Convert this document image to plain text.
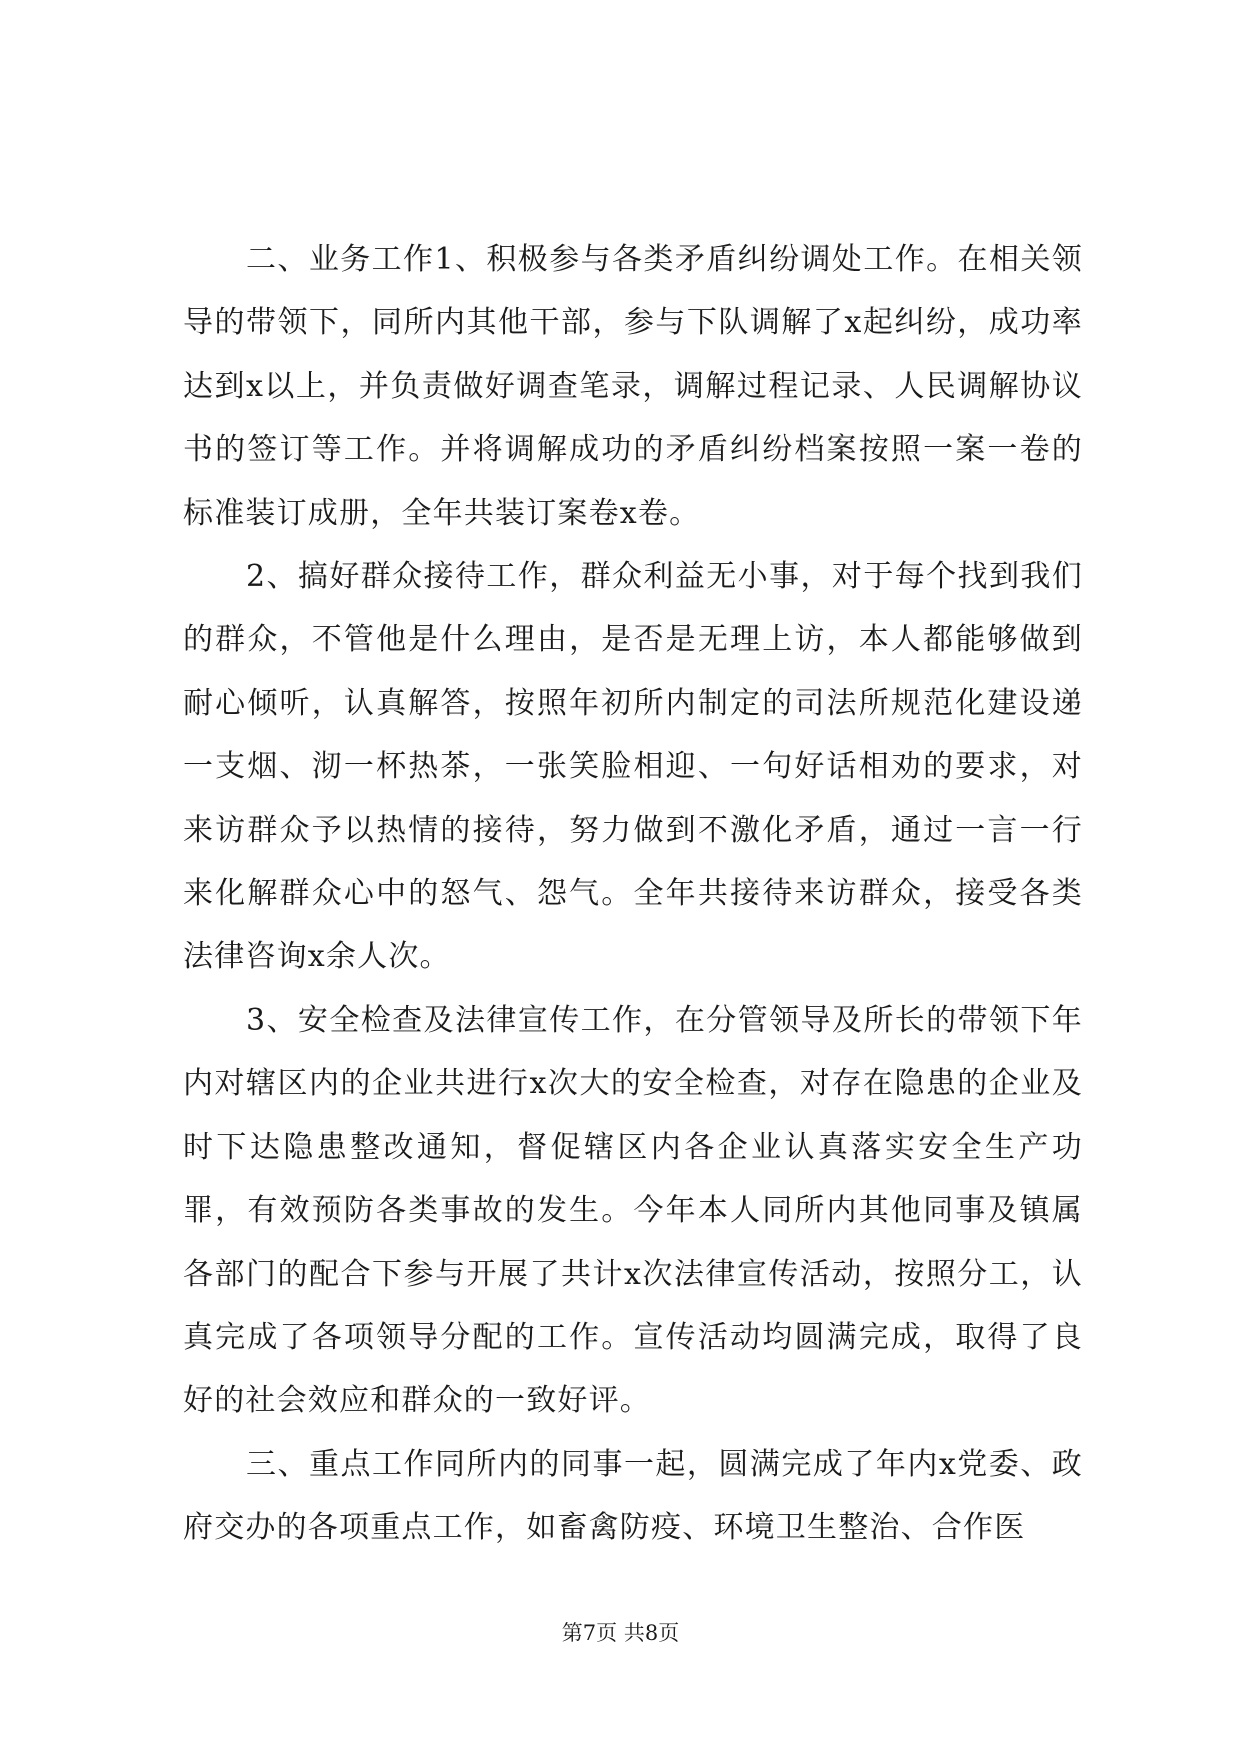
二、业务工作1、积极参与各类矛盾纠纷调处工作。在相关领导的带领下，同所内其他干部，参与下队调解了x起纠纷，成功率达到x以上，并负责做好调查笔录，调解过程记录、人民调解协议书的签订等工作。并将调解成功的矛盾纠纷档案按照一案一卷的标准装订成册，全年共装订案卷x卷。

2、搞好群众接待工作，群众利益无小事，对于每个找到我们的群众，不管他是什么理由，是否是无理上访，本人都能够做到耐心倾听，认真解答，按照年初所内制定的司法所规范化建设递一支烟、沏一杯热茶，一张笑脸相迎、一句好话相劝的要求，对来访群众予以热情的接待，努力做到不激化矛盾，通过一言一行来化解群众心中的怒气、怨气。全年共接待来访群众，接受各类法律咨询x余人次。

3、安全检查及法律宣传工作，在分管领导及所长的带领下年内对辖区内的企业共进行x次大的安全检查，对存在隐患的企业及时下达隐患整改通知，督促辖区内各企业认真落实安全生产功罪，有效预防各类事故的发生。今年本人同所内其他同事及镇属各部门的配合下参与开展了共计x次法律宣传活动，按照分工，认真完成了各项领导分配的工作。宣传活动均圆满完成，取得了良好的社会效应和群众的一致好评。

三、重点工作同所内的同事一起，圆满完成了年内x党委、政府交办的各项重点工作，如畜禽防疫、环境卫生整治、合作医

第7页 共8页
